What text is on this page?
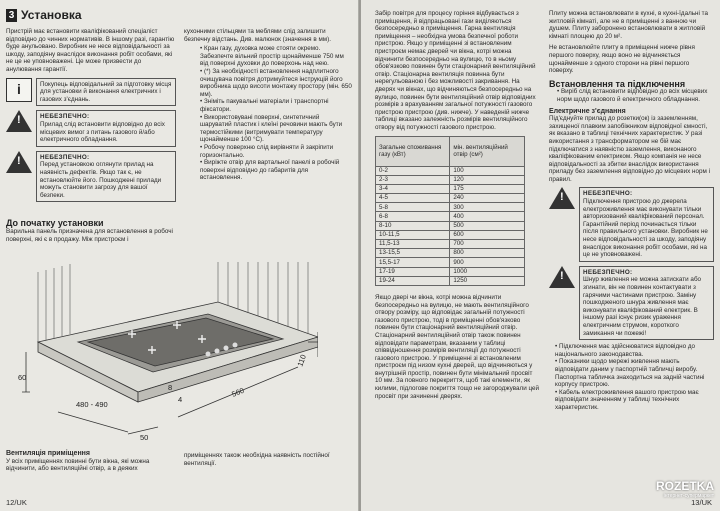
3 Установка

Пристрій має встановити кваліфікований спеціаліст відповідно до чинних нормативів. В іншому разі, гарантію буде анульовано. Виробник не несе відповідальності за шкоду, заподіяну внаслідок виконання робіт особами, які не це не уповноважені. Це може призвести до анулювання гарантії.

i	Покупець відповідальний за підготовку місця для установки й виконання електричних і газових з'єднань.
!
НЕБЕЗПЕЧНО:
Прилад слід встановити відповідно до всіх місцевих вимог з питань газового й/або електричного обладнання.
!
НЕБЕЗПЕЧНО:
Перед установкою оглянути прилад на наявність дефектів. Якщо так є, не встановлюйте його. Пошкоджені прилади можуть становити загрозу для вашої безпеки.

кухонними стільцями та меблями слід залишити безпечну відстань. Див. малюнок (значення в мм).

• Кран газу, духовка може стояти окремо. Забезпечте вільний простір щонайменше 750 мм від поверхні духовки до поверхонь над нею.

• (*) За необхідності встановлення надплитного очищувача повітря дотримуйтеся інструкцій його виробника щодо висоти монтажу простору (мін. 650 мм).

• Зніміть пакувальні матеріали і транспортні фіксатори.

• Використовувані поверхні, синтетичний шаруватий пластик і клеїні речовини мають бути термостійкими (витримувати температуру щонайменше 100 °C).

• Робочу поверхню слід вирівняти й закріпити горизонтально.

• Виріжте отвір для вартальної панелі в робочій поверхні відповідно до габаритів для встановлення.

До початку установки

Варильна панель призначена для встановлення в робочі поверхні, які є в продажу. Між пристроєм і

60
480 - 490
560
110
50
8
4
Вентиляція приміщення

У всіх приміщеннях повинні бути вікна, які можна відчинити, або вентиляційні отвір, а в деяких

приміщеннях також необхідна наявність постійної вентиляції.
12/UK

Забір повітря для процесу горіння відбувається з приміщення, й відпрацьовані гази виділяються безпосередньо в приміщення. Гарна вентиляція приміщення – необхідна умова безпечної роботи пристрою. Якщо у приміщенні зі встановленим пристроєм немає дверей чи вікна, котрі можна відчинити безпосередньо на вулицю, то в ньому обов'язково повинен бути стаціонарний вентиляційний отвір. Стаціонарна вентиляція повинна бути нерегульованою і без можливості закривання. На дверях чи вікнах, що відчиняються безпосередньо на вулицю, повинен бути вентиляційний отвір відповідних розмірів з врахуванням загальної потужності газового пристрою пристрою (див. нижче). У наведеній нижче таблиці вказано залежність розмірів вентиляційного отвору від потужності газового пристрою.

Загальне споживання газу (кВт)	мін. вентиляційний отвір (см²)
0-2	100
2-3	120
3-4	175
4-5	240
5-8	300
6-8	400
8-10	500
10-11,5	600
11,5-13	700
13-15,5	800
15,5-17	900
17-19	1000
19-24	1250

Якщо двері чи вікна, котрі можна відчинити безпосередньо на вулицю, не мають вентиляційного отвору розміру, що відповідає загальній потужності газового пристрою, тоді в приміщенні обов'язково повинен бути стаціонарний вентиляційний отвір. Стаціонарний вентиляційний отвір також повинен відповідати параметрам, вказаним у таблиці співвідношення розмірів вентиляції до потужності газового пристрою. У приміщенні зі встановленим пристроєм під низом кухні дверей, що відчиняються у внутрішній простір, повинен бути мінімальний просвіт 10 мм. За повного перекриття, щоб такі елементи, як килими, підлогове покриття тощо не загороджували цей просвіт при зачиненні дверях.

Плиту можна встановлювати в кухні, в кухні-їдальні та житловій кімнаті, але не в приміщенні з ванною чи душем. Плиту заборонено встановлювати в житловій кімнаті площею до 20 м².

Не встановлюйте плиту в приміщенні нижче рівня першого поверху, якщо воно не відчиняється щонайменше з одного сторони на рівні першого поверху.

Встановлення та підключення

• Виріб слід встановити відповідно до всіх місцевих норм щодо газового й електричного обладнання.

Електричне з'єднання

Під'єднуйте прилад до розетки(ок) із заземленням, захищеної плавким запобіжником відповідної ємності, як вказано в таблиці технічних характеристик. У разі використання з трансформатором не бій має підключатися з наявністю заземлення, виконаного кваліфікованим електриком. Якщо компанія не несе відповідальності за збитки внаслідок використання приладу без заземлення відповідно до місцевих норм і правил.

!
НЕБЕЗПЕЧНО:
Підключення пристрою до джерела електроживлення має виконувати тільки авторизований кваліфікований персонал. Гарантійний період починається тільки після правильного установки. Виробник не несе відповідальності за шкоду, заподіяну внаслідок виконання робіт особами, які на це не уповноважені.
!
НЕБЕЗПЕЧНО:
Шнур живлення не можна затискати або згинати, він не повинен контактувати з гарячими частинами пристрою. Заміну пошкодженого шнура живлення має виконувати кваліфікований електрик. В іншому разі існує ризик ураження електричним струмом, короткого замикання чи пожежі!

• Підключення має здійснюватися відповідно до національного законодавства.

• Показники щодо мережі живлення мають відповідати даним у паспортній табличці виробу. Паспортна табличка знаходиться на задній частині корпусу пристрою.

• Кабель електроживлення вашого пристрою має відповідати значенням у таблиці технічних характеристик.

ROZETKA
інтернет-супермаркет
13/UK
